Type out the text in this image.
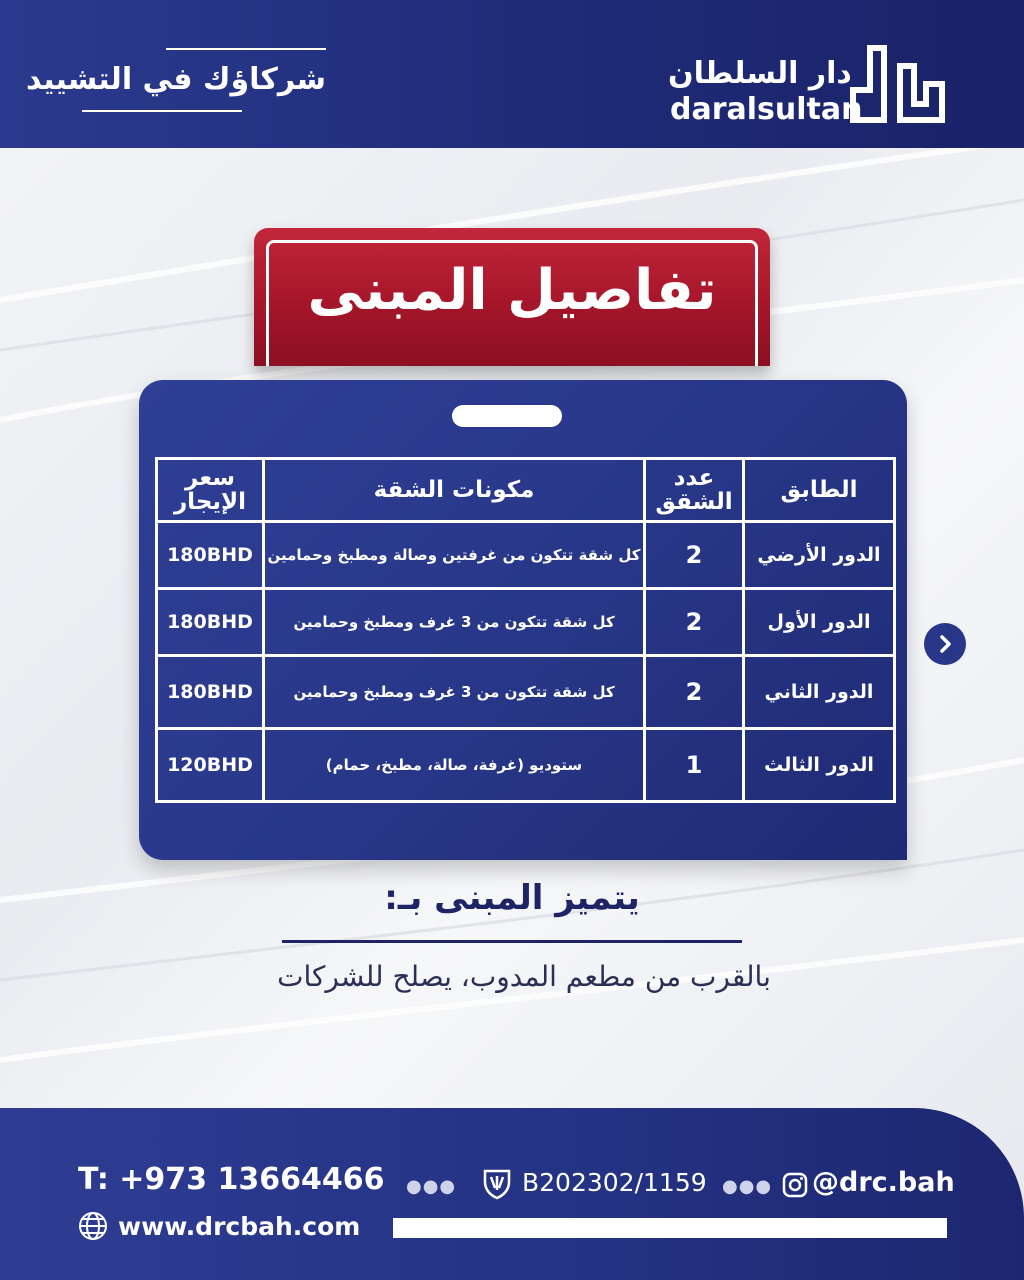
شركاؤك في التشييد	دار السلطان
daralsultan
تفاصيل المبنى
الطابق	عدد الشقق	مكونات الشقة	سعر الإيجار
الدور الأرضي	2	كل شقة تتكون من غرفتين وصالة ومطبخ وحمامين	180BHD
الدور الأول	2	كل شقة تتكون من 3 غرف ومطبخ وحمامين	180BHD
الدور الثاني	2	كل شقة تتكون من 3 غرف ومطبخ وحمامين	180BHD
الدور الثالث	1	ستوديو (غرفة، صالة، مطبخ، حمام)	120BHD
يتميز المبنى بـ:
بالقرب من مطعم المدوب، يصلح للشركات
T: +973 13664466
www.drcbah.com
●●●	B202302/1159 ●●● @drc.bah
